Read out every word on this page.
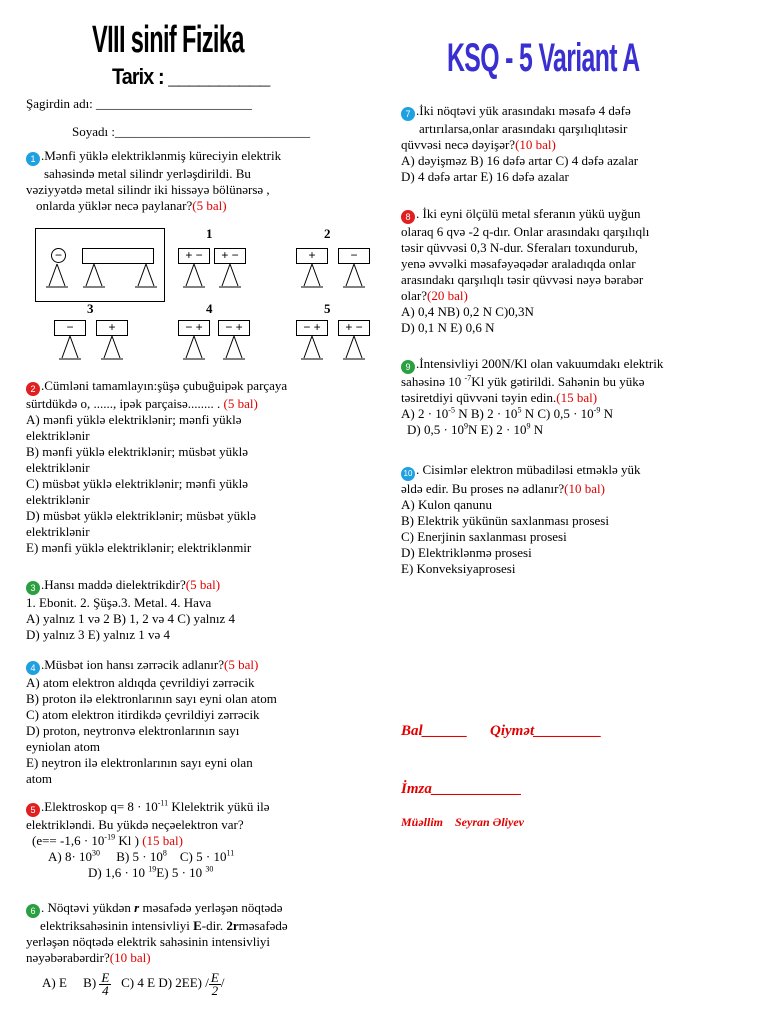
VIII sinif Fizika
Tarix : __________	KSQ - 5 Variant A
Şagirdin adı: ________________________
Soyadı :______________________________
1 .Mənfi yüklə elektriklənmiş küreciyin elektrik
sahəsində metal silindr yerləşdirildi. Bu
vəziyyətdə metal silindr iki hissəyə bölünərsə ,
onlarda yüklər necə paylanar?(5 bal)
−
1	2
3	4	5
+ −	+ −	+	−
−	+	− +	− +	− +	+ −
2 .Cümləni tamamlayın:şüşə çubuğuipək parçaya
sürtdükdə o, ......, ipək parçaisə........ . (5 bal)
A) mənfi yüklə elektriklənir; mənfi yüklə
elektriklənir
B) mənfi yüklə elektriklənir; müsbət yüklə
elektriklənir
C) müsbət yüklə elektriklənir; mənfi yüklə
elektriklənir
D) müsbət yüklə elektriklənir; müsbət yüklə
elektriklənir
E) mənfi yüklə elektriklənir; elektriklənmir
3 .Hansı maddə dielektrikdir?(5 bal)
1. Ebonit. 2. Şüşə.3. Metal. 4. Hava
A) yalnız 1 və 2 B) 1, 2 və 4 C) yalnız 4
D) yalnız 3 E) yalnız 1 və 4
4 .Müsbət ion hansı zərrəcik adlanır?(5 bal)
A) atom elektron aldıqda çevrildiyi zərrəcik
B) proton ilə elektronlarının sayı eyni olan atom
C) atom elektron itirdikdə çevrildiyi zərrəcik
D) proton, neytronvə elektronlarının sayı
eyniolan atom
E) neytron ilə elektronlarının sayı eyni olan
atom
5 .Elektroskop $q= 8 \cdot 10^{-11}$ Klelektrik yükü ilə
elektrikləndi. Bu yükdə neçəelektron var?
($e== -1,6 \cdot 10^{-19}$ Kl ) (15 bal)
A) $8\cdot 10^{30}$ B) $5 \cdot 10^8$ C) $5 \cdot 10^{11}$
D) 1,6 · 10 $^{19}$E) 5 · 10 $^{30}$
6 . Nöqtəvi yükdən r məsafədə yerləşən nöqtədə
elektriksahəsinin intensivliyi E-dir. 2rməsafədə
yerləşən nöqtədə elektrik sahəsinin intensivliyi
nəyəbərabərdir?(10 bal)
A) E $B) \frac{E}{4} C$) 4 E D) $2EE) / \frac{E}{2}$ /
7 .İki nöqtəvi yük arasındakı məsafə 4 dəfə
artırılarsa,onlar arasındakı qarşılıqlıtəsir
qüvvəsi necə dəyişər?(10 bal)
A) dəyişməz B) 16 dəfə artar C) 4 dəfə azalar
D) 4 dəfə artar E) 16 dəfə azalar
8 . İki eyni ölçülü metal sferanın yükü uyğun
olaraq 6 qvə -2 q-dır. Onlar arasındakı qarşılıqlı
təsir qüvvəsi 0,3 N-dur. Sferaları toxundurub,
yenə əvvəlki məsafəyəqədər araladıqda onlar
arasındakı qarşılıqlı təsir qüvvəsi nəyə bərabər
olar?(20 bal)
A) 0,4 NB) 0,2 N C)0,3N
D) 0,1 N E) 0,6 N
9 .İntensivliyi 200N/Kl olan vakuumdakı elektrik
sahəsinə 10 $^{-7}$Kl yük gətirildi. Sahənin bu yükə
təsiretdiyi qüvvəni təyin edin.(15 bal)
A) $2 \cdot 10^{-5}$ N B) $2 \cdot 10^5$ N C) $0,5 \cdot 10^{-9}$ N
D) $0,5 \cdot 10^9N$ E) $2 \cdot 10^9$ N
10 . Cisimlər elektron mübadiləsi etməklə yük
əldə edir. Bu proses nə adlanır?(10 bal)
A) Kulon qanunu
B) Elektrik yükünün saxlanması prosesi
C) Enerjinin saxlanması prosesi
D) Elektriklənmə prosesi
E) Konveksiyaprosesi
Bal______ Qiymət_________
İmza____________
Müəllim    Seyran Əliyev
